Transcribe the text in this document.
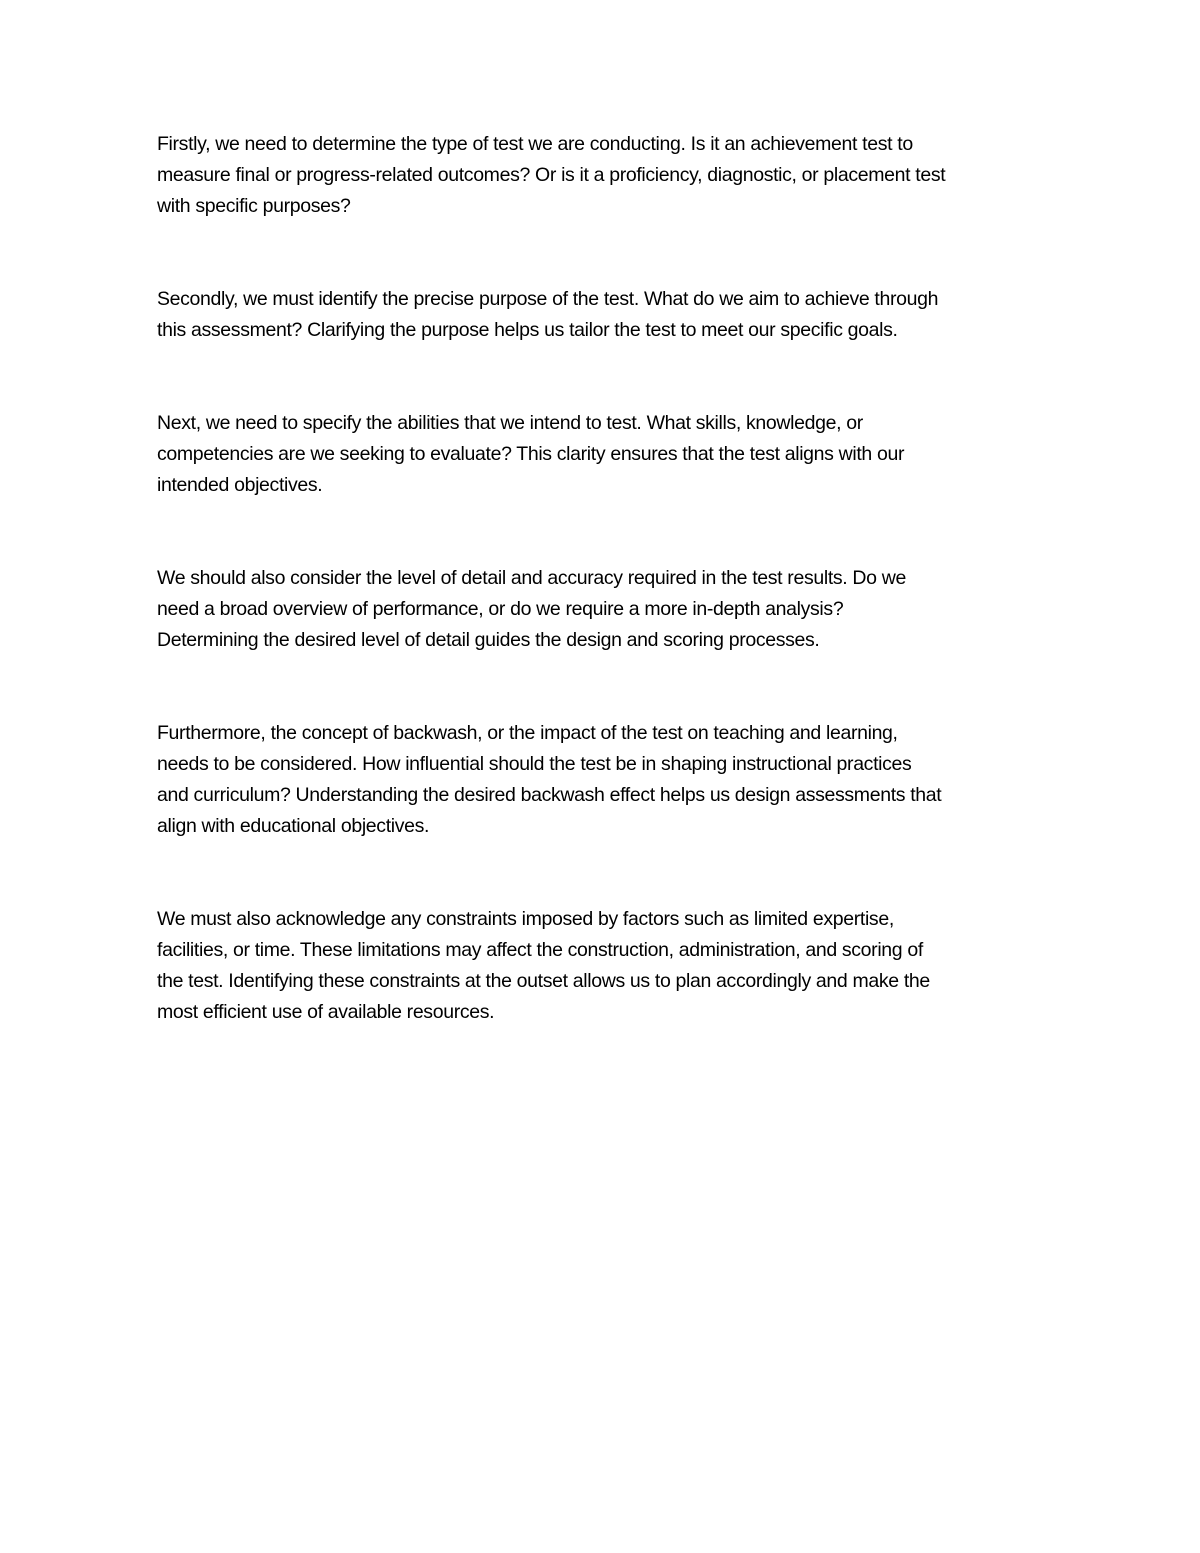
Firstly, we need to determine the type of test we are conducting. Is it an achievement test to measure final or progress-related outcomes? Or is it a proficiency, diagnostic, or placement test with specific purposes?

Secondly, we must identify the precise purpose of the test. What do we aim to achieve through this assessment? Clarifying the purpose helps us tailor the test to meet our specific goals.

Next, we need to specify the abilities that we intend to test. What skills, knowledge, or competencies are we seeking to evaluate? This clarity ensures that the test aligns with our intended objectives.

We should also consider the level of detail and accuracy required in the test results. Do we need a broad overview of performance, or do we require a more in-depth analysis? Determining the desired level of detail guides the design and scoring processes.

Furthermore, the concept of backwash, or the impact of the test on teaching and learning, needs to be considered. How influential should the test be in shaping instructional practices and curriculum? Understanding the desired backwash effect helps us design assessments that align with educational objectives.

We must also acknowledge any constraints imposed by factors such as limited expertise, facilities, or time. These limitations may affect the construction, administration, and scoring of the test. Identifying these constraints at the outset allows us to plan accordingly and make the most efficient use of available resources.
